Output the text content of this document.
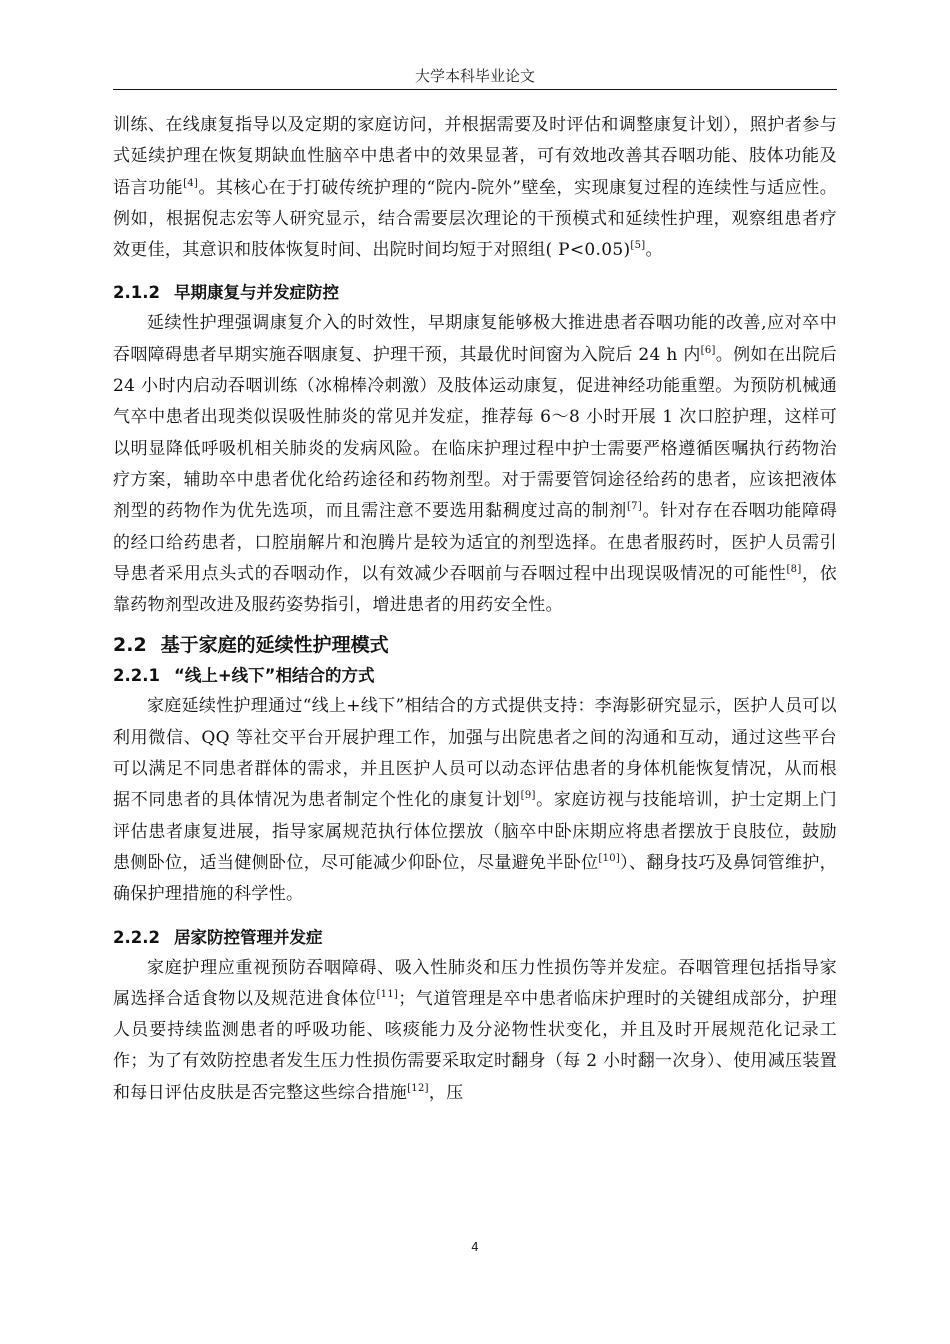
大学本科毕业论文

训练、在线康复指导以及定期的家庭访问，并根据需要及时评估和调整康复计划），照护者参与式延续护理在恢复期缺血性脑卒中患者中的效果显著，可有效地改善其吞咽功能、肢体功能及语言功能[4]。其核心在于打破传统护理的“院内-院外”壁垒，实现康复过程的连续性与适应性。例如，根据倪志宏等人研究显示，结合需要层次理论的干预模式和延续性护理，观察组患者疗效更佳，其意识和肢体恢复时间、出院时间均短于对照组( P<0.05)[5]。

2.1.2 早期康复与并发症防控

延续性护理强调康复介入的时效性，早期康复能够极大推进患者吞咽功能的改善,应对卒中吞咽障碍患者早期实施吞咽康复、护理干预，其最优时间窗为入院后 24 h 内[6]。例如在出院后 24 小时内启动吞咽训练（冰棉棒冷刺激）及肢体运动康复，促进神经功能重塑。为预防机械通气卒中患者出现类似误吸性肺炎的常见并发症，推荐每 6～8 小时开展 1 次口腔护理，这样可以明显降低呼吸机相关肺炎的发病风险。在临床护理过程中护士需要严格遵循医嘱执行药物治疗方案，辅助卒中患者优化给药途径和药物剂型。对于需要管饲途径给药的患者，应该把液体剂型的药物作为优先选项，而且需注意不要选用黏稠度过高的制剂[7]。针对存在吞咽功能障碍的经口给药患者，口腔崩解片和泡腾片是较为适宜的剂型选择。在患者服药时，医护人员需引导患者采用点头式的吞咽动作，以有效减少吞咽前与吞咽过程中出现误吸情况的可能性[8]，依靠药物剂型改进及服药姿势指引，增进患者的用药安全性。

2.2 基于家庭的延续性护理模式
2.2.1 “线上+线下”相结合的方式

家庭延续性护理通过“线上+线下”相结合的方式提供支持：李海影研究显示，医护人员可以利用微信、QQ 等社交平台开展护理工作，加强与出院患者之间的沟通和互动，通过这些平台可以满足不同患者群体的需求，并且医护人员可以动态评估患者的身体机能恢复情况，从而根据不同患者的具体情况为患者制定个性化的康复计划[9]。家庭访视与技能培训，护士定期上门评估患者康复进展，指导家属规范执行体位摆放（脑卒中卧床期应将患者摆放于良肢位，鼓励患侧卧位，适当健侧卧位，尽可能减少仰卧位，尽量避免半卧位[10]）、翻身技巧及鼻饲管维护，确保护理措施的科学性。

2.2.2 居家防控管理并发症

家庭护理应重视预防吞咽障碍、吸入性肺炎和压力性损伤等并发症。吞咽管理包括指导家属选择合适食物以及规范进食体位[11]；气道管理是卒中患者临床护理时的关键组成部分，护理人员要持续监测患者的呼吸功能、咳痰能力及分泌物性状变化，并且及时开展规范化记录工作；为了有效防控患者发生压力性损伤需要采取定时翻身（每 2 小时翻一次身）、使用减压装置和每日评估皮肤是否完整这些综合措施[12]，压

4
